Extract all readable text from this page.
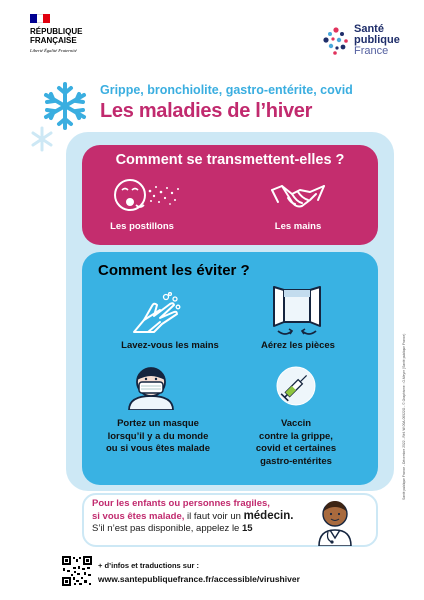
RÉPUBLIQUE FRANÇAISE
Liberté Égalité Fraternité
Santé
publique
France
Grippe, bronchiolite, gastro-entérite, covid
Les maladies de l’hiver
Comment se transmettent-elles ?
Les postillons	Les mains
Comment les éviter ?
Lavez-vous les mains	Aérez les pièces
Portez un masque
lorsqu’il y a du monde
ou si vous êtes malade
Vaccin
contre la grippe,
covid et certaines
gastro-entérites
Pour les enfants ou personnes fragiles,
si vous êtes malade, il faut voir un médecin.
S’il n’est pas disponible, appelez le 15
+ d’infos et traductions sur :
www.santepubliquefrance.fr/accessible/virushiver
Santé publique France - Décembre 2022 - Réf. W-00A-00522G - © Graphisme : O.Meyer (Santé publique France)
